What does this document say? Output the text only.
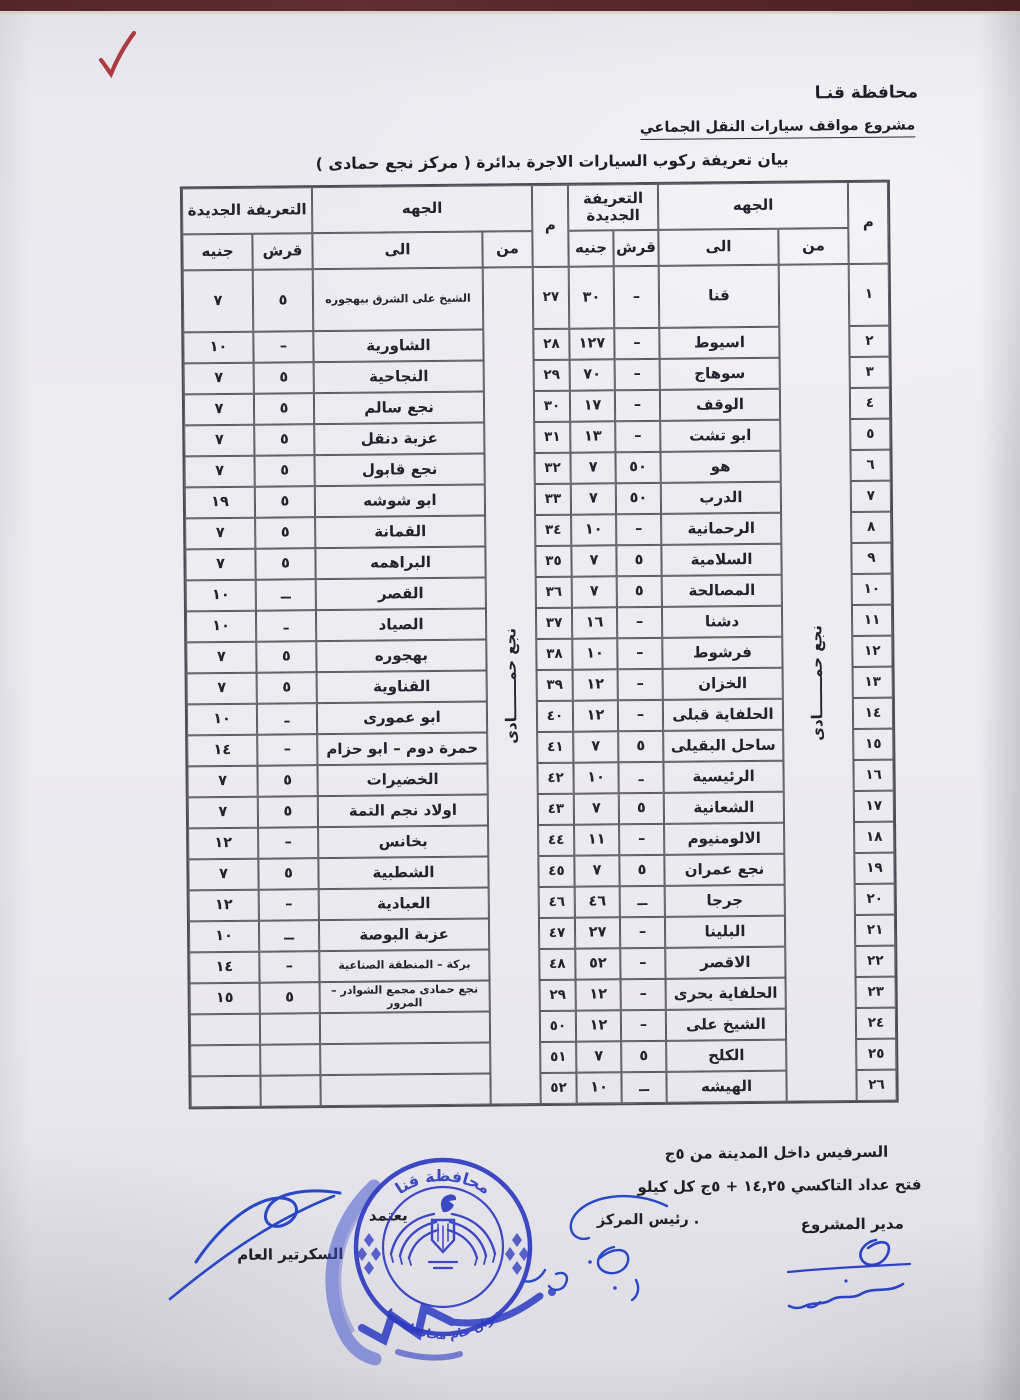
محافظة قنـا
مشروع مواقف سيارات النقل الجماعي
بيان تعريفة ركوب السيارات الاجرة بدائرة ( مركز نجع حمادى )
م
الجهه
التعريفة الجديدة
من
الى
قرش
جنيه
م
الجهه
التعريفة الجديدة
من
الى
قرش
جنيه
نجع حمـــــــادى
نجع حمـــــــادى
١
قنا
–
٣٠
٢٧
الشيخ على الشرق بيهجوره
٥
٧
٢
اسيوط
–
١٢٧
٢٨
الشاورية
–
١٠
٣
سوهاج
–
٧٠
٢٩
النجاحية
٥
٧
٤
الوقف
–
١٧
٣٠
نجع سالم
٥
٧
٥
ابو تشت
–
١٣
٣١
عزبة دنقل
٥
٧
٦
هو
٥٠
٧
٣٢
نجع قابول
٥
٧
٧
الدرب
٥٠
٧
٣٣
ابو شوشه
٥
١٩
٨
الرحمانية
–
١٠
٣٤
القمانة
٥
٧
٩
السلامية
٥
٧
٣٥
البراهمه
٥
٧
١٠
المصالحة
٥
٧
٣٦
القصر
ــ
١٠
١١
دشنا
–
١٦
٣٧
الصياد
ـ
١٠
١٢
فرشوط
–
١٠
٣٨
بهجوره
٥
٧
١٣
الخزان
–
١٢
٣٩
القناوية
٥
٧
١٤
الحلفاية قبلى
–
١٢
٤٠
ابو عمورى
ـ
١٠
١٥
ساحل البقيلى
٥
٧
٤١
حمرة دوم – ابو حزام
–
١٤
١٦
الرئيسية
ـ
١٠
٤٢
الخضيرات
٥
٧
١٧
الشعانية
٥
٧
٤٣
اولاد نجم التمة
٥
٧
١٨
الالومنيوم
–
١١
٤٤
بخانس
–
١٢
١٩
نجع عمران
٥
٧
٤٥
الشطبية
٥
٧
٢٠
جرجا
ــ
٤٦
٤٦
العبادية
–
١٢
٢١
البلينا
–
٢٧
٤٧
عزبة البوصة
ــ
١٠
٢٢
الاقصر
–
٥٢
٤٨
بركة – المنطقة الصناعية
–
١٤
٢٣
الحلفاية بحرى
–
١٢
٢٩
نجع حمادى مجمع الشوادر – المرور
٥
١٥
٢٤
الشيخ على
–
١٢
٥٠
٢٥
الكلح
٥
٧
٥١
٢٦
الهيشه
ــ
١٠
٥٢
السرفيس داخل المدينة من ٥ج
فتح عداد التاكسي ١٤,٢٥ + ٥ج كل كيلو
مدير المشروع
رئيس المركز .
يعتمد
السكرتير العام
محافظة قنا
ديوان عام محافظة قنا
